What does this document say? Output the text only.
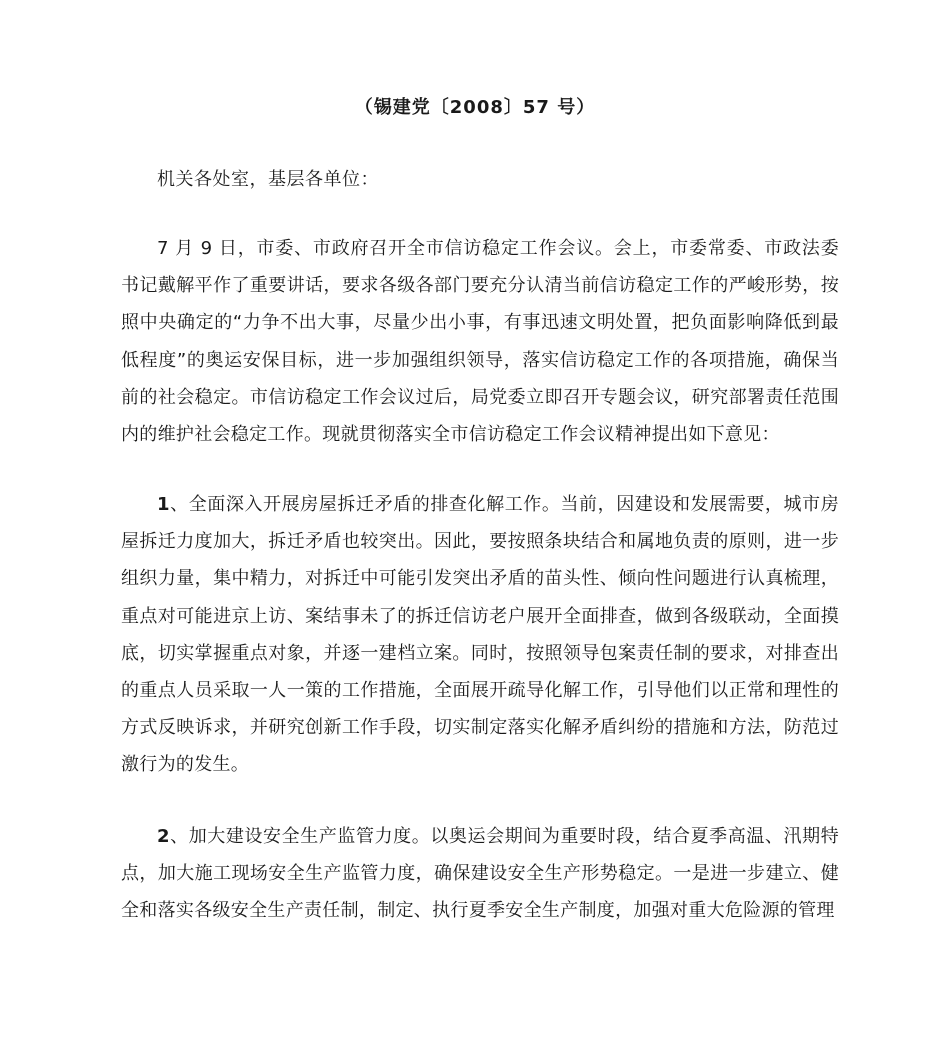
（锡建党〔2008〕57 号）
机关各处室，基层各单位：

7 月 9 日，市委、市政府召开全市信访稳定工作会议。会上，市委常委、市政法委书记戴解平作了重要讲话，要求各级各部门要充分认清当前信访稳定工作的严峻形势，按照中央确定的“力争不出大事，尽量少出小事，有事迅速文明处置，把负面影响降低到最低程度”的奥运安保目标，进一步加强组织领导，落实信访稳定工作的各项措施，确保当前的社会稳定。市信访稳定工作会议过后，局党委立即召开专题会议，研究部署责任范围内的维护社会稳定工作。现就贯彻落实全市信访稳定工作会议精神提出如下意见：

1、全面深入开展房屋拆迁矛盾的排查化解工作。当前，因建设和发展需要，城市房屋拆迁力度加大，拆迁矛盾也较突出。因此，要按照条块结合和属地负责的原则，进一步组织力量，集中精力，对拆迁中可能引发突出矛盾的苗头性、倾向性问题进行认真梳理，重点对可能进京上访、案结事未了的拆迁信访老户展开全面排查，做到各级联动，全面摸底，切实掌握重点对象，并逐一建档立案。同时，按照领导包案责任制的要求，对排查出的重点人员采取一人一策的工作措施，全面展开疏导化解工作，引导他们以正常和理性的方式反映诉求，并研究创新工作手段，切实制定落实化解矛盾纠纷的措施和方法，防范过激行为的发生。

2、加大建设安全生产监管力度。以奥运会期间为重要时段，结合夏季高温、汛期特点，加大施工现场安全生产监管力度，确保建设安全生产形势稳定。一是进一步建立、健全和落实各级安全生产责任制，制定、执行夏季安全生产制度，加强对重大危险源的管理
